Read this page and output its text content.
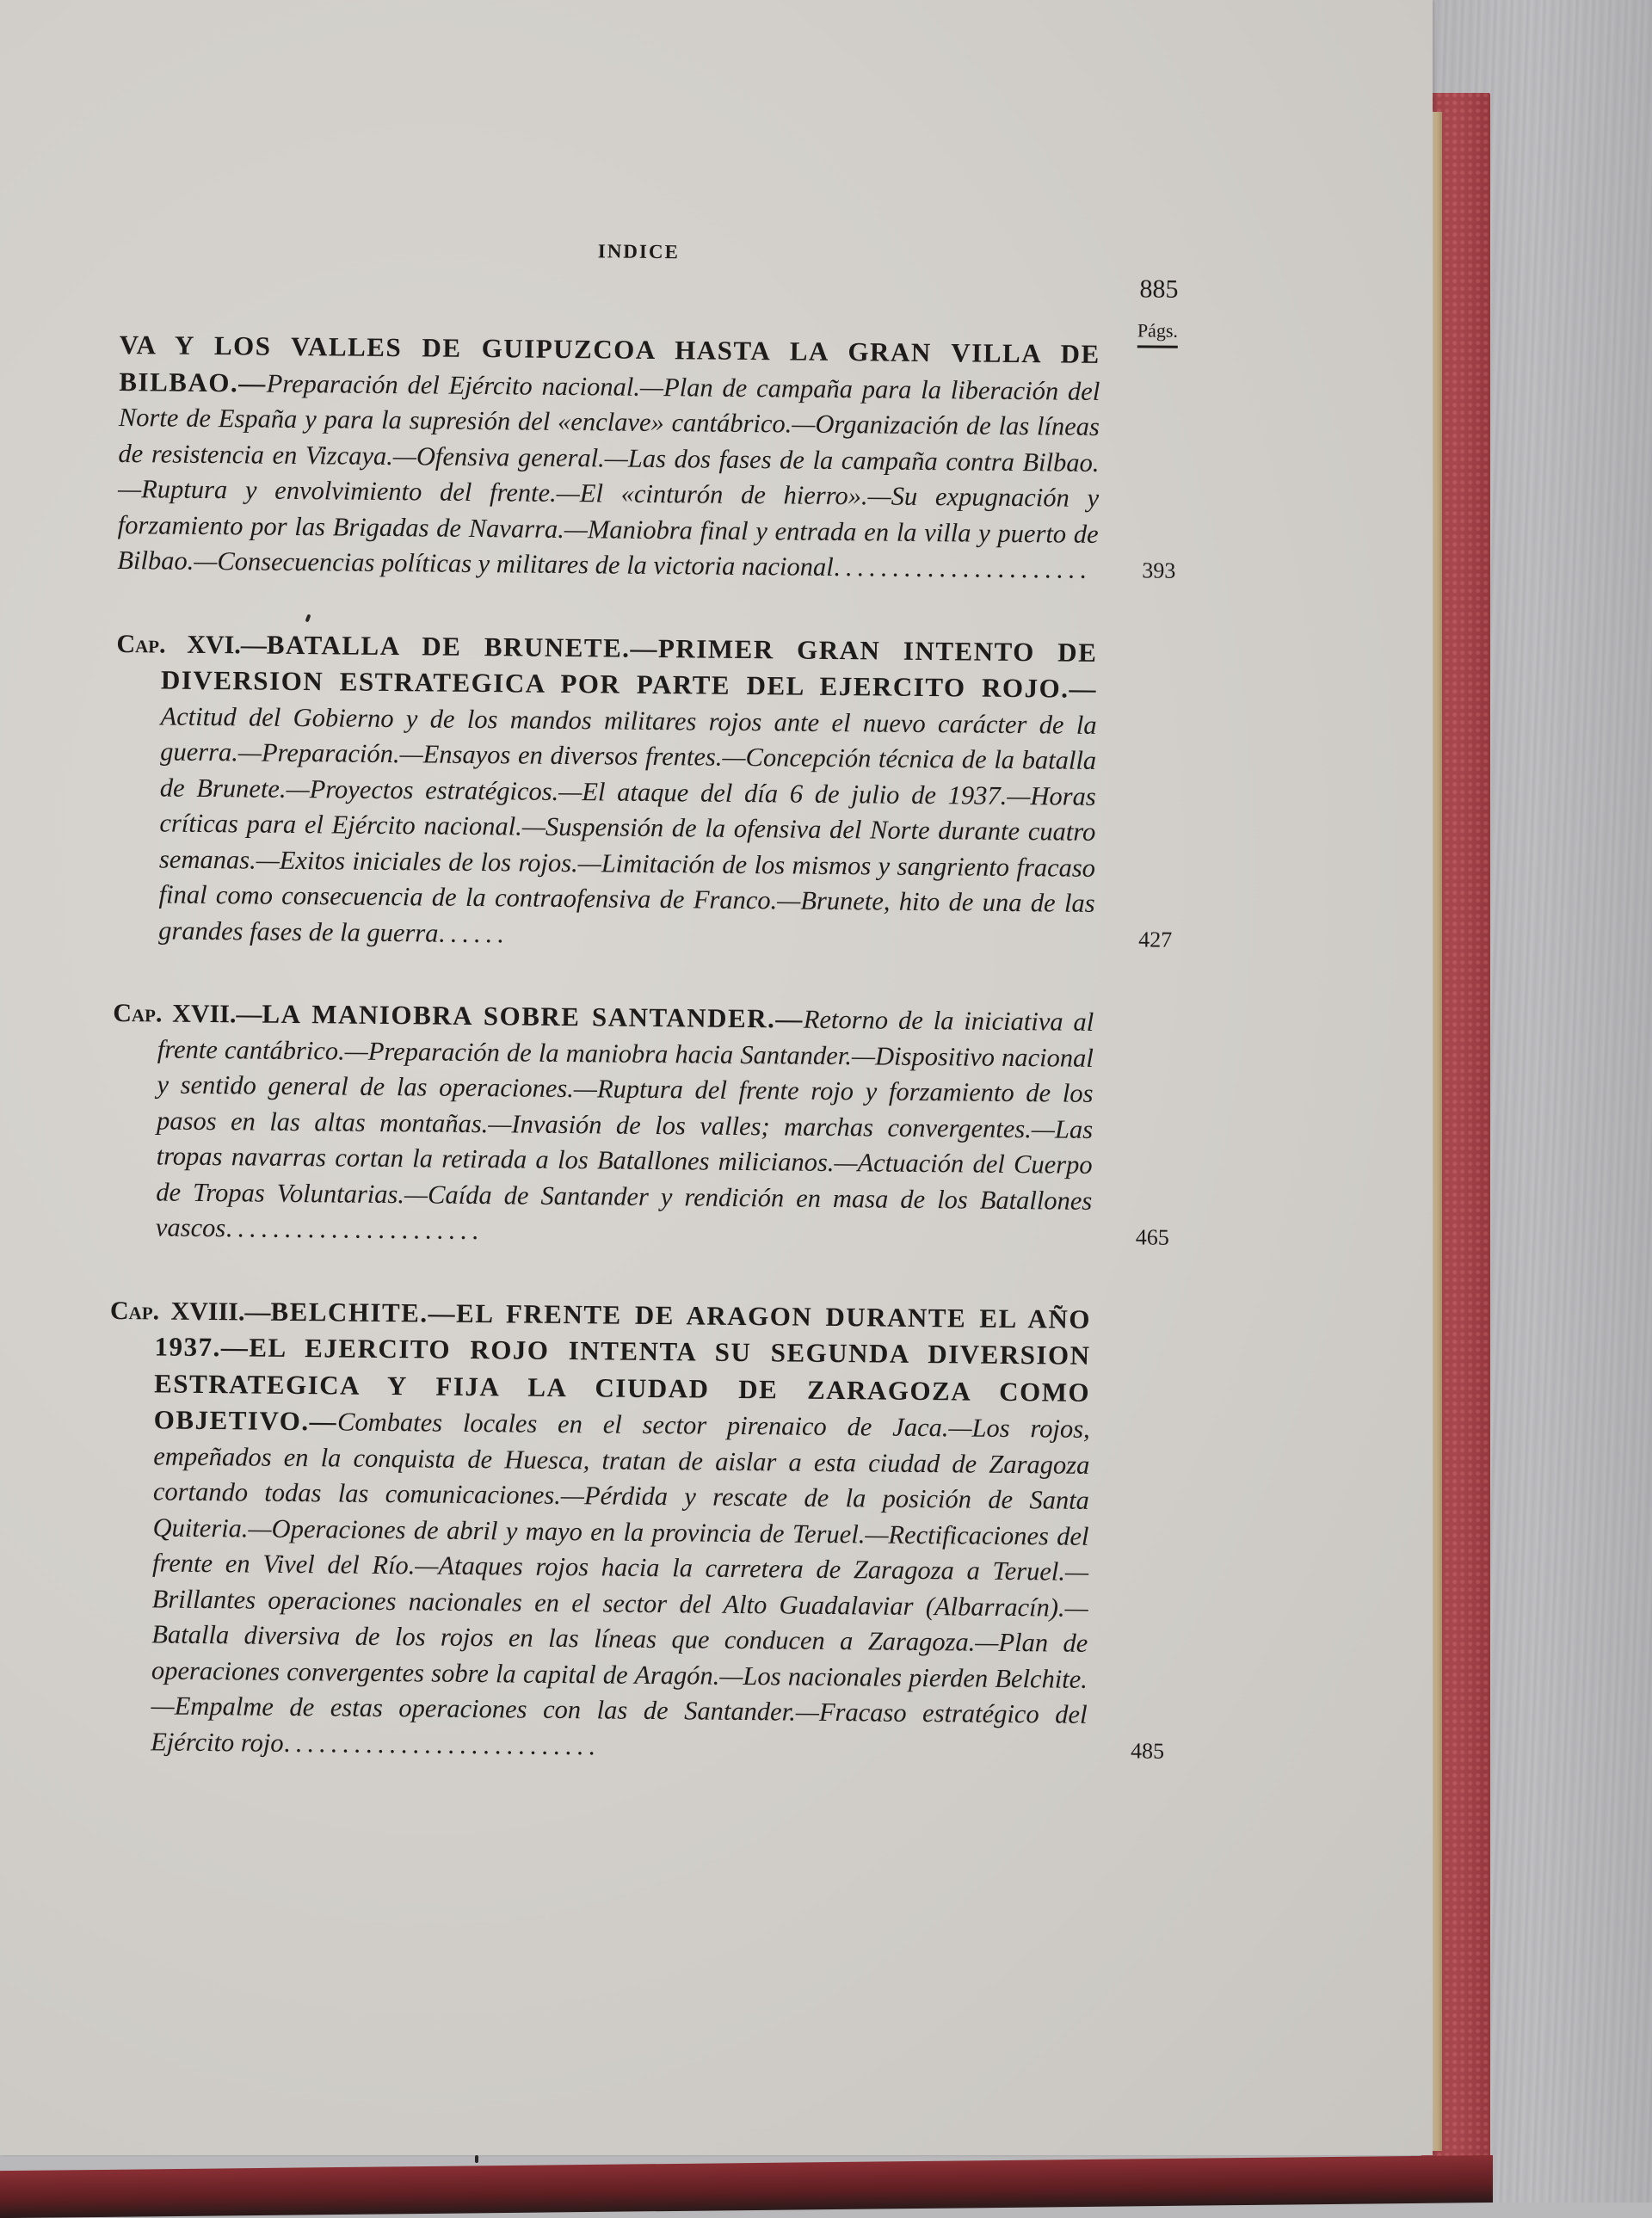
INDICE
885
Págs.
VA Y LOS VALLES DE GUIPUZCOA HASTA LA GRAN VILLA DE BILBAO.—Preparación del Ejército nacional.—Plan de campaña para la liberación del Norte de España y para la supresión del «enclave» cantábrico.—Organización de las líneas de resistencia en Vizcaya.—Ofensiva general.—Las dos fases de la campaña contra Bilbao.—Ruptura y envolvimiento del frente.—El «cinturón de hierro».—Su expugnación y forzamiento por las Brigadas de Navarra.—Maniobra final y entrada en la villa y puerto de Bilbao.—Consecuencias políticas y militares de la victoria nacional......................	393
Cap. XVI.—BATALLA DE BRUNETE.—PRIMER GRAN INTENTO DE DIVERSION ESTRATEGICA POR PARTE DEL EJERCITO ROJO.—Actitud del Gobierno y de los mandos militares rojos ante el nuevo carácter de la guerra.—Preparación.—Ensayos en diversos frentes.—Concepción técnica de la batalla de Brunete.—Proyectos estratégicos.—El ataque del día 6 de julio de 1937.—Horas críticas para el Ejército nacional.—Suspensión de la ofensiva del Norte durante cuatro semanas.—Exitos iniciales de los rojos.—Limitación de los mismos y sangriento fracaso final como consecuencia de la contraofensiva de Franco.—Brunete, hito de una de las grandes fases de la guerra......	427
Cap. XVII.—LA MANIOBRA SOBRE SANTANDER.—Retorno de la iniciativa al frente cantábrico.—Preparación de la maniobra hacia Santander.—Dispositivo nacional y sentido general de las operaciones.—Ruptura del frente rojo y forzamiento de los pasos en las altas montañas.—Invasión de los valles; marchas convergentes.—Las tropas navarras cortan la retirada a los Batallones milicianos.—Actuación del Cuerpo de Tropas Voluntarias.—Caída de Santander y rendición en masa de los Batallones vascos......................	465
Cap. XVIII.—BELCHITE.—EL FRENTE DE ARAGON DURANTE EL AÑO 1937.—EL EJERCITO ROJO INTENTA SU SEGUNDA DIVERSION ESTRATEGICA Y FIJA LA CIUDAD DE ZARAGOZA COMO OBJETIVO.—Combates locales en el sector pirenaico de Jaca.—Los rojos, empeñados en la conquista de Huesca, tratan de aislar a esta ciudad de Zaragoza cortando todas las comunicaciones.—Pérdida y rescate de la posición de Santa Quiteria.—Operaciones de abril y mayo en la provincia de Teruel.—Rectificaciones del frente en Vivel del Río.—Ataques rojos hacia la carretera de Zaragoza a Teruel.—Brillantes operaciones nacionales en el sector del Alto Guadalaviar (Albarracín).—Batalla diversiva de los rojos en las líneas que conducen a Zaragoza.—Plan de operaciones convergentes sobre la capital de Aragón.—Los nacionales pierden Belchite.—Empalme de estas operaciones con las de Santander.—Fracaso estratégico del Ejército rojo...........................	485
